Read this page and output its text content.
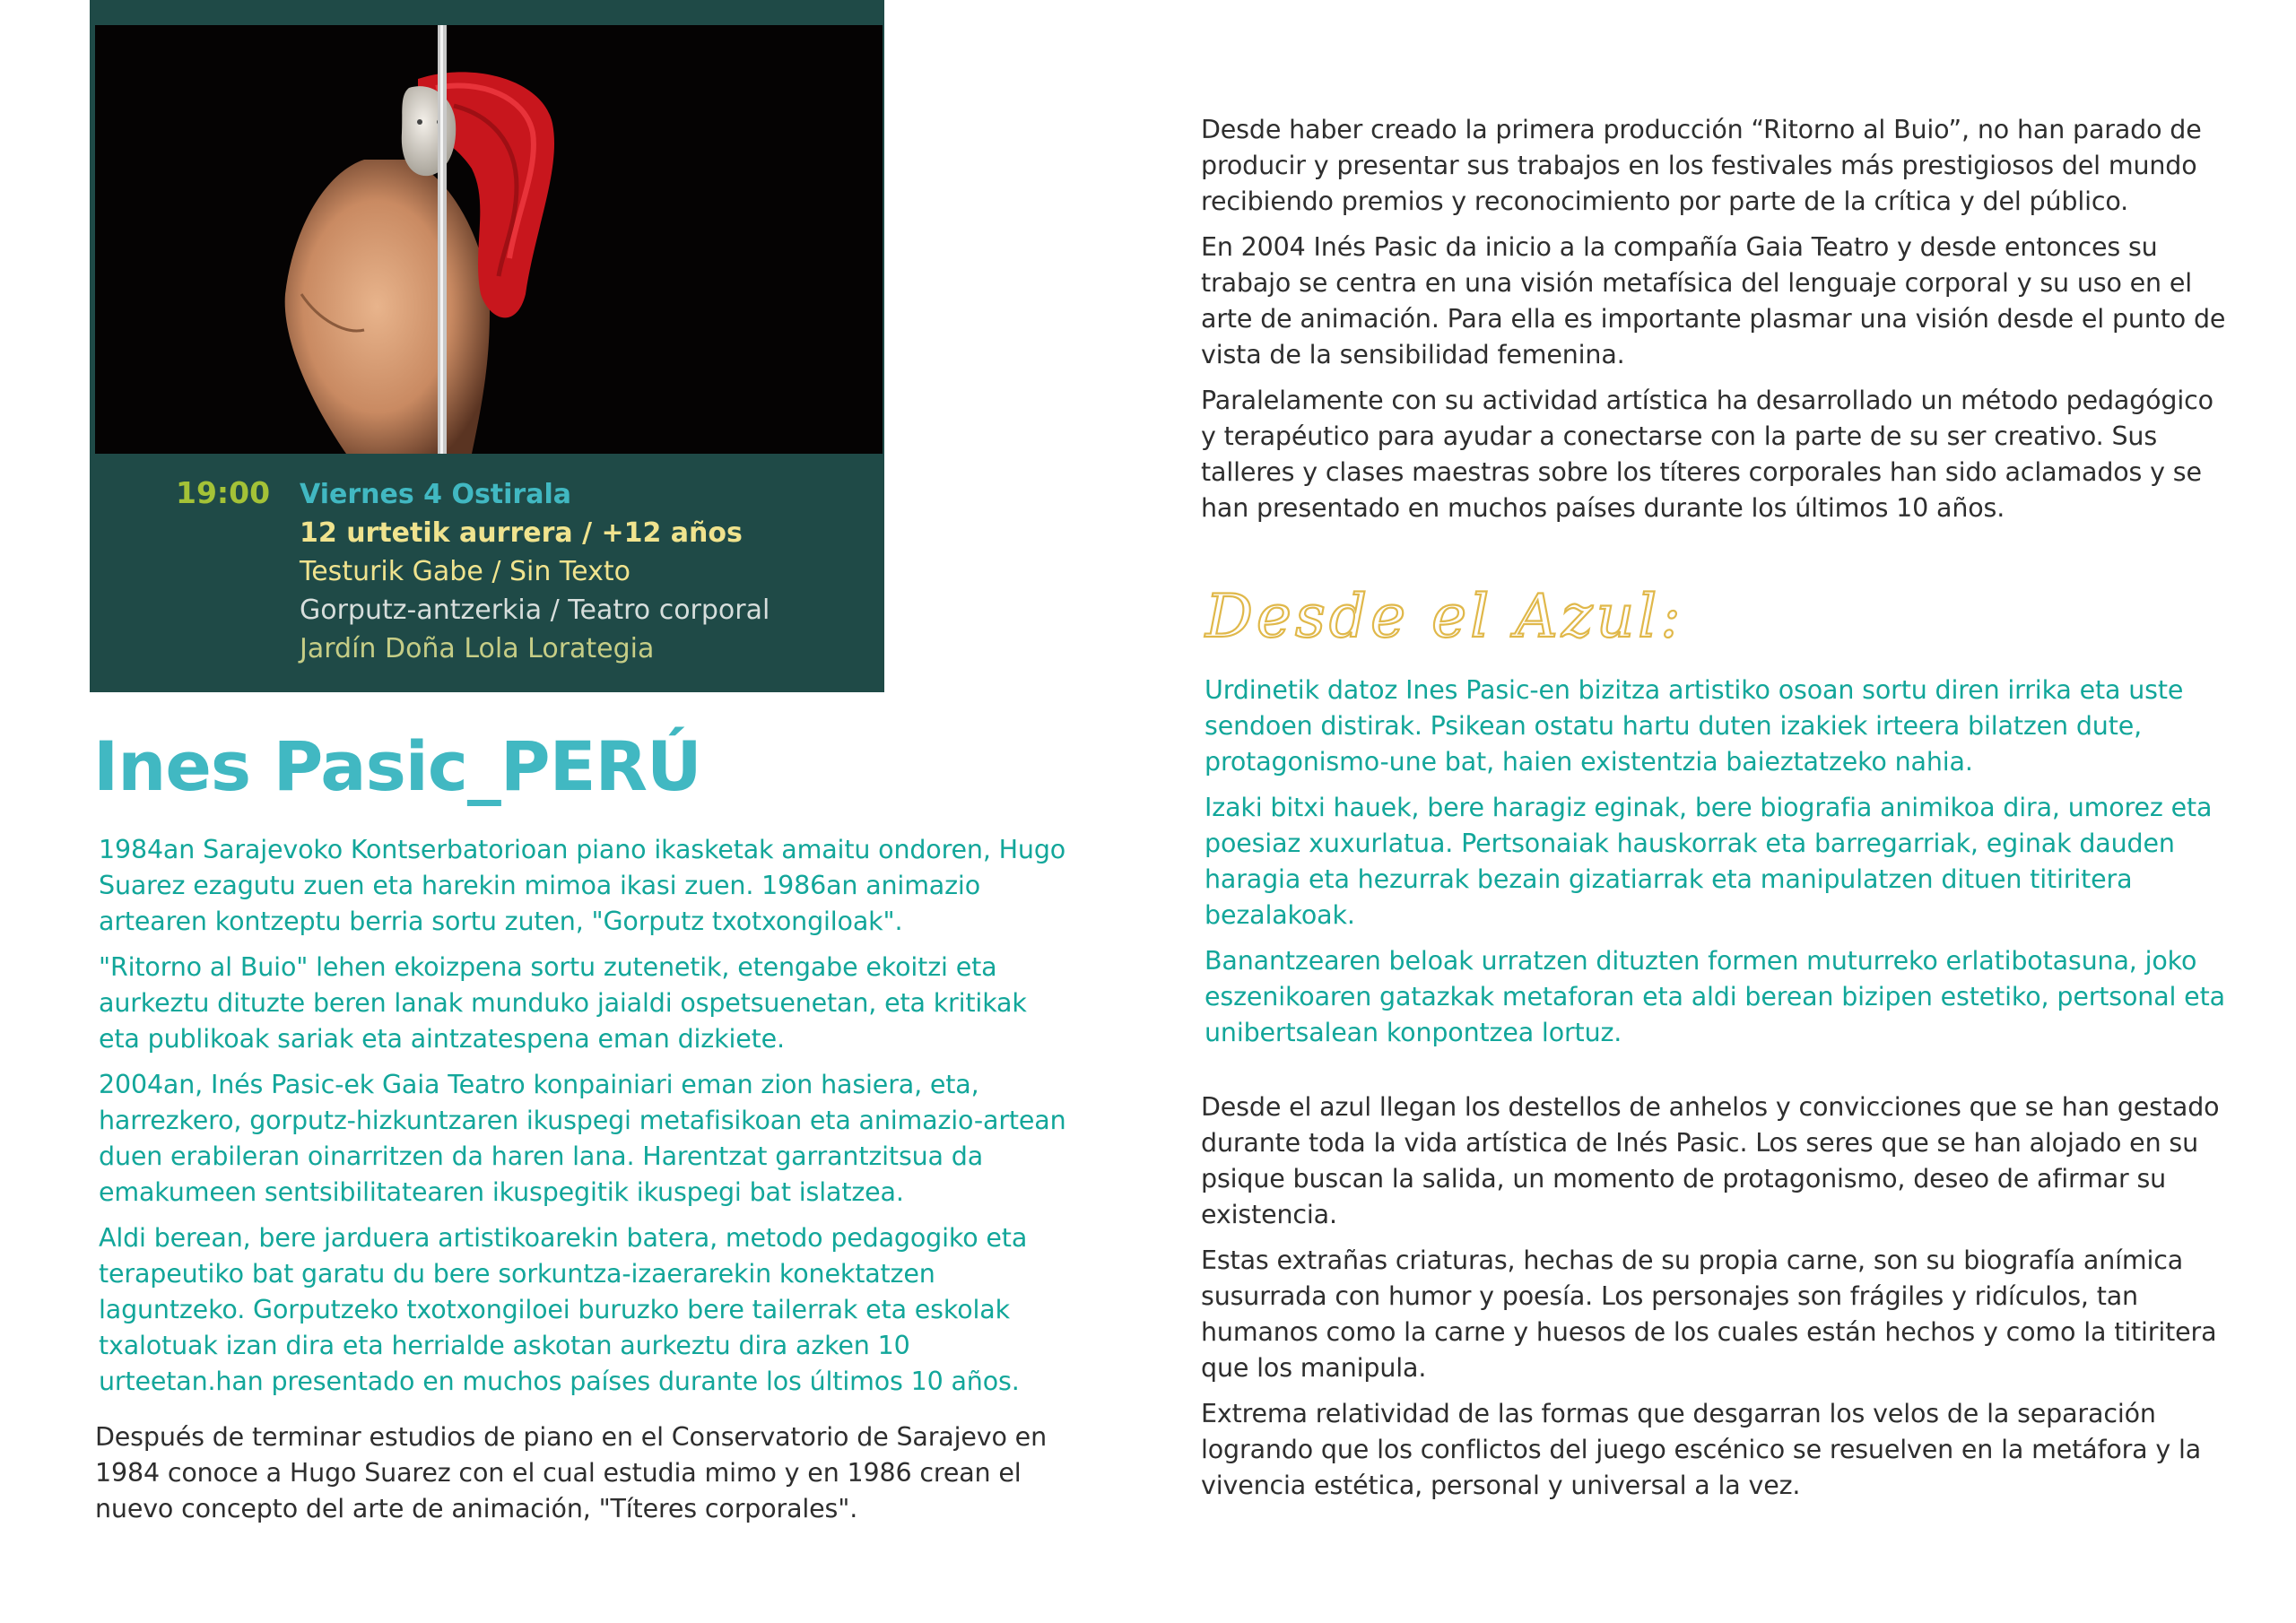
19:00 Viernes 4 Ostirala
12 urtetik aurrera / +12 años
Testurik Gabe / Sin Texto
Gorputz-antzerkia / Teatro corporal
Jardín Doña Lola Lorategia
Ines Pasic_PERÚ

1984an Sarajevoko Kontserbatorioan piano ikasketak amaitu ondoren, Hugo Suarez ezagutu zuen eta harekin mimoa ikasi zuen. 1986an animazio artearen kontzeptu berria sortu zuten, "Gorputz txotxongiloak".

"Ritorno al Buio" lehen ekoizpena sortu zutenetik, etengabe ekoitzi eta aurkeztu dituzte beren lanak munduko jaialdi ospetsuenetan, eta kritikak eta publikoak sariak eta aintzatespena eman dizkiete.

2004an, Inés Pasic-ek Gaia Teatro konpainiari eman zion hasiera, eta, harrezkero, gorputz-hizkuntzaren ikuspegi metafisikoan eta animazio-artean duen erabileran oinarritzen da haren lana. Harentzat garrantzitsua da emakumeen sentsibilitatearen ikuspegitik ikuspegi bat islatzea.

Aldi berean, bere jarduera artistikoarekin batera, metodo pedagogiko eta terapeutiko bat garatu du bere sorkuntza-izaerarekin konektatzen laguntzeko. Gorputzeko txotxongiloei buruzko bere tailerrak eta eskolak txalotuak izan dira eta herrialde askotan aurkeztu dira azken 10 urteetan.han presentado en muchos países durante los últimos 10 años.

Después de terminar estudios de piano en el Conservatorio de Sarajevo en 1984 conoce a Hugo Suarez con el cual estudia mimo y en 1986 crean el nuevo concepto del arte de animación, "Títeres corporales".

Desde haber creado la primera producción “Ritorno al Buio”, no han parado de producir y presentar sus trabajos en los festivales más prestigiosos del mundo recibiendo premios y reconocimiento por parte de la crítica y del público.

En 2004 Inés Pasic da inicio a la compañía Gaia Teatro y desde entonces su trabajo se centra en una visión metafísica del lenguaje corporal y su uso en el arte de animación. Para ella es importante plasmar una visión desde el punto de vista de la sensibilidad femenina.

Paralelamente con su actividad artística ha desarrollado un método pedagógico y terapéutico para ayudar a conectarse con la parte de su ser creativo. Sus talleres y clases maestras sobre los títeres corporales han sido aclamados y se han presentado en muchos países durante los últimos 10 años.

Desde el Azul:

Urdinetik datoz Ines Pasic-en bizitza artistiko osoan sortu diren irrika eta uste sendoen distirak. Psikean ostatu hartu duten izakiek irteera bilatzen dute, protagonismo-une bat, haien existentzia baieztatzeko nahia.

Izaki bitxi hauek, bere haragiz eginak, bere biografia animikoa dira, umorez eta poesiaz xuxurlatua. Pertsonaiak hauskorrak eta barregarriak, eginak dauden haragia eta hezurrak bezain gizatiarrak eta manipulatzen dituen titiritera bezalakoak.

Banantzearen beloak urratzen dituzten formen muturreko erlatibotasuna, joko eszenikoaren gatazkak metaforan eta aldi berean bizipen estetiko, pertsonal eta unibertsalean konpontzea lortuz.

Desde el azul llegan los destellos de anhelos y convicciones que se han gestado durante toda la vida artística de Inés Pasic. Los seres que se han alojado en su psique buscan la salida, un momento de protagonismo, deseo de afirmar su existencia.

Estas extrañas criaturas, hechas de su propia carne, son su biografía anímica susurrada con humor y poesía. Los personajes son frágiles y ridículos, tan humanos como la carne y huesos de los cuales están hechos y como la titiritera que los manipula.

Extrema relatividad de las formas que desgarran los velos de la separación logrando que los conflictos del juego escénico se resuelven en la metáfora y la vivencia estética, personal y universal a la vez.
